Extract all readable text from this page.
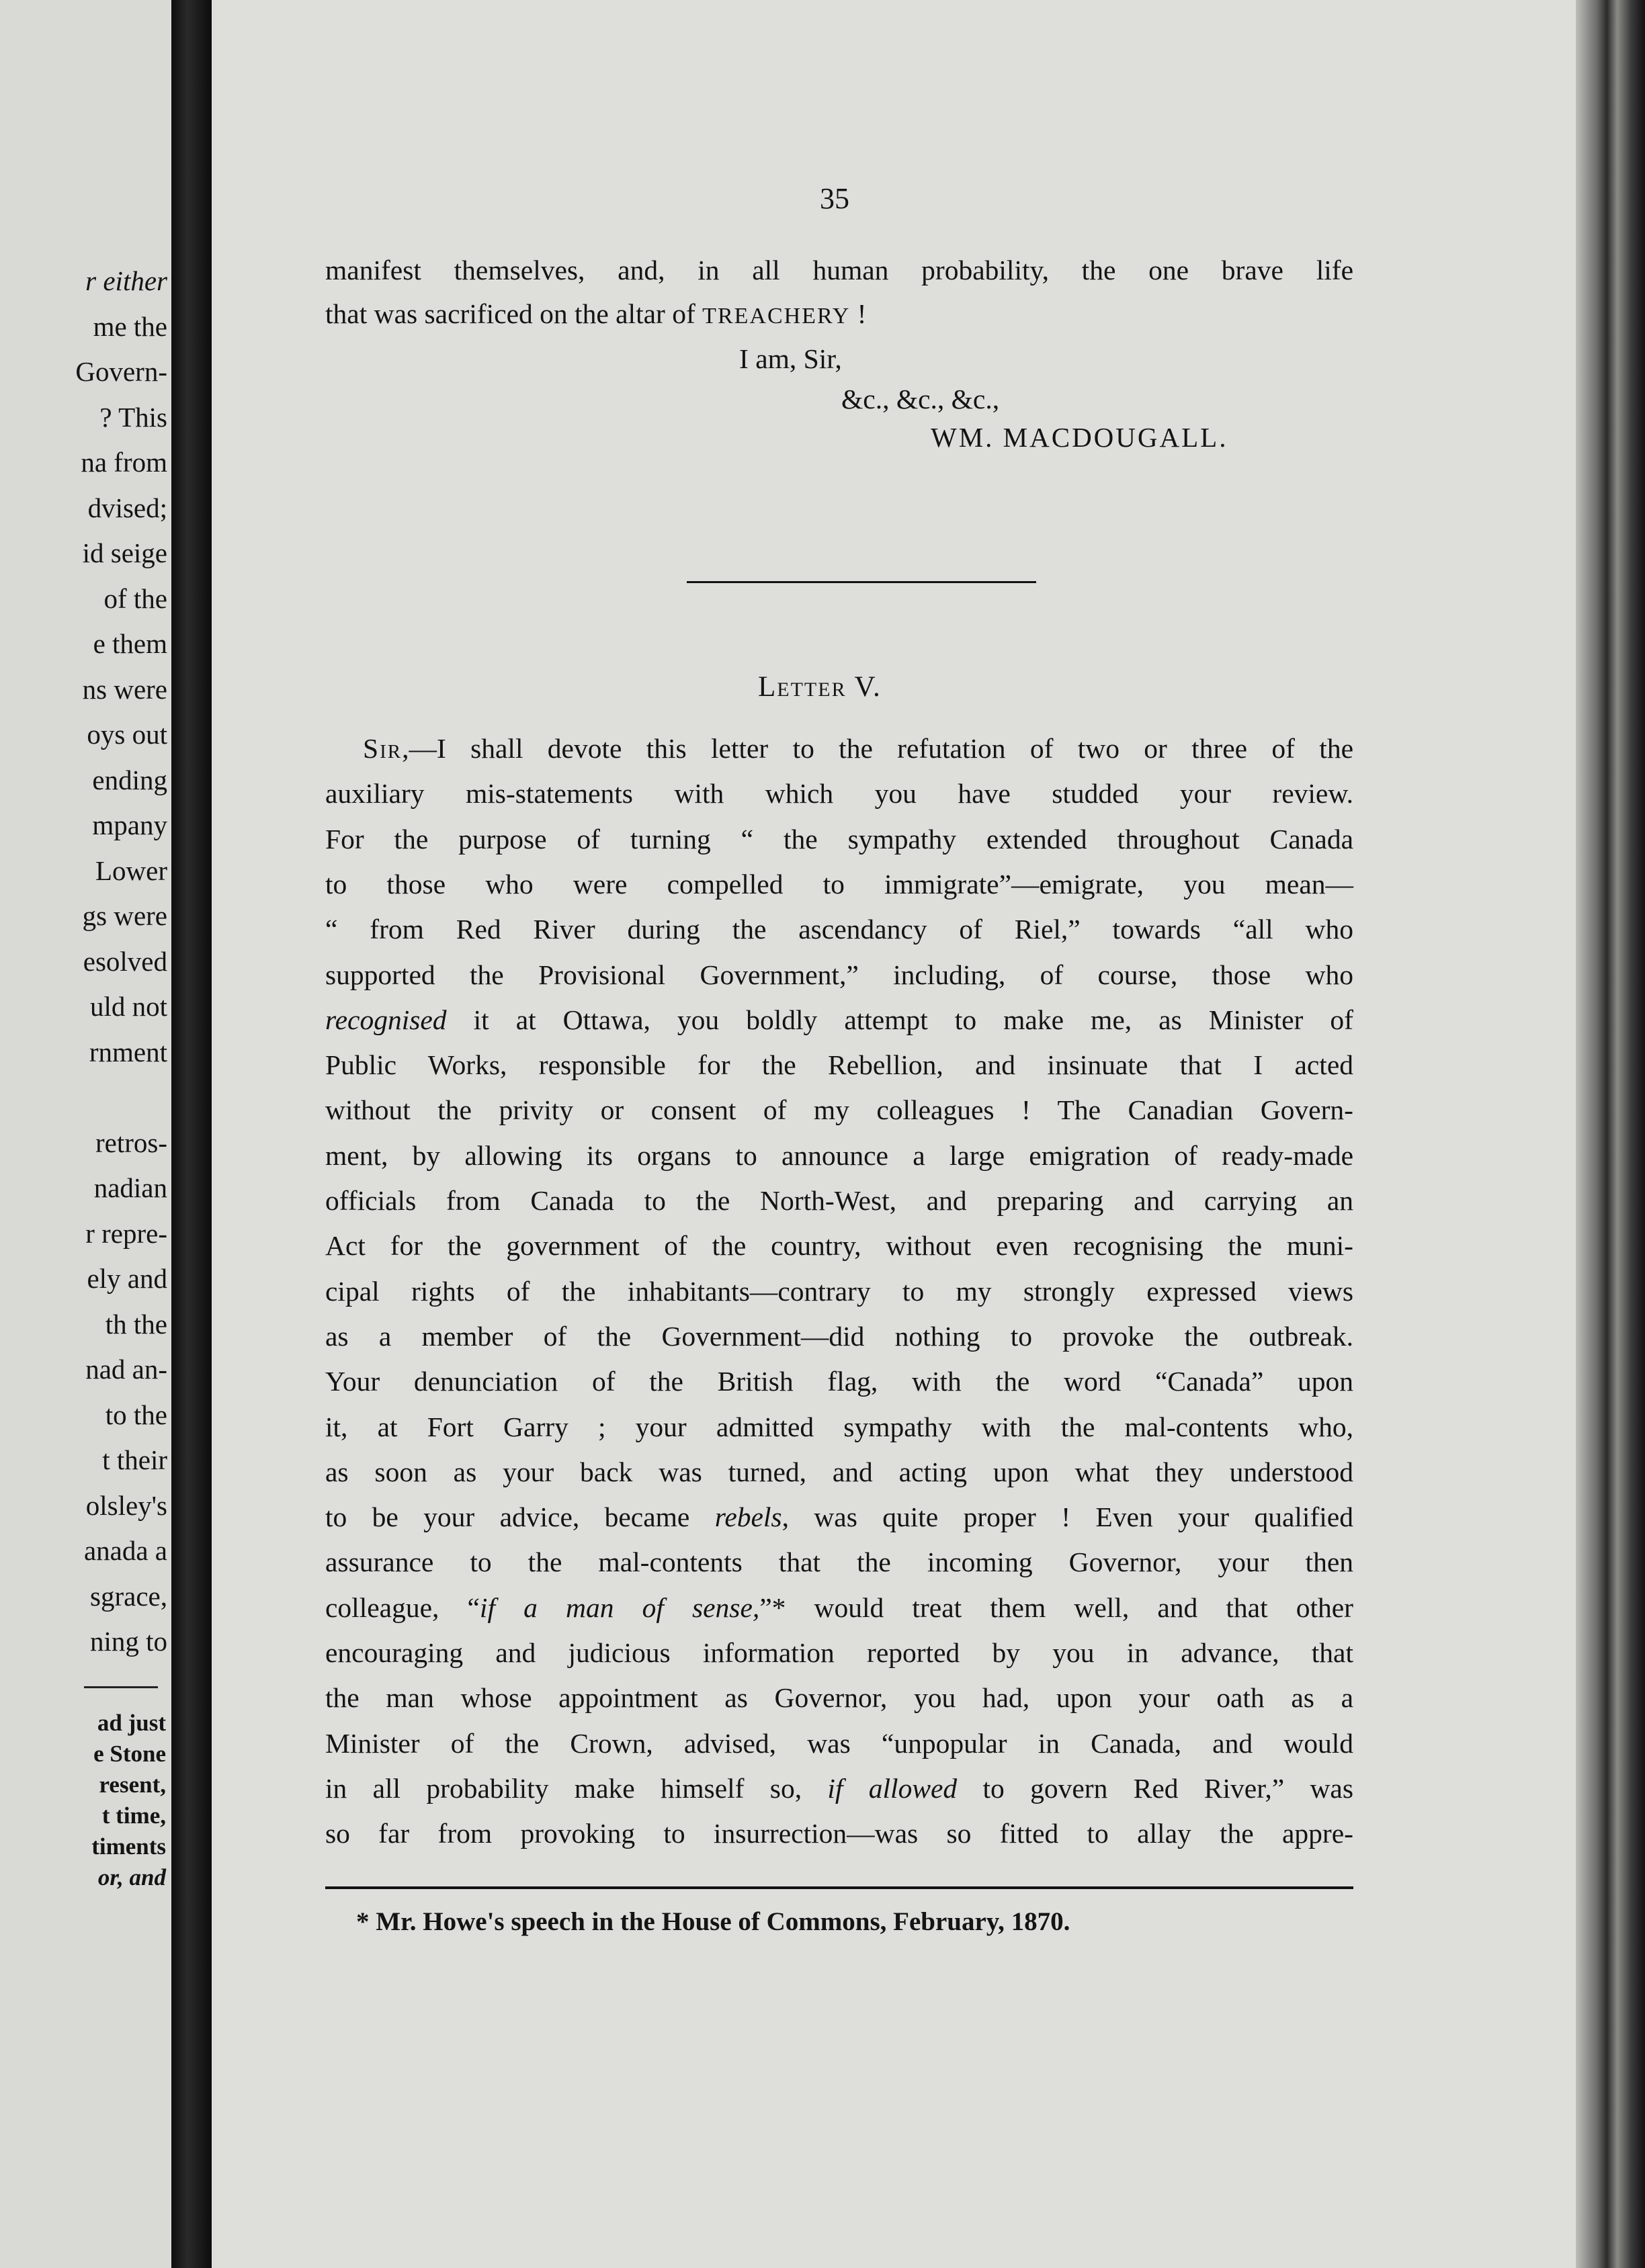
r either
me the
Govern-
? This
na from
dvised;
id seige
of the
e them
ns were
oys out
ending
mpany
Lower
gs were
esolved
uld not
rnment
retros-
nadian
r repre-
ely and
th the
nad an-
to the
t their
olsley's
anada a
sgrace,
ning to
ad just
e Stone
resent,
t time,
timents
or, and
35
manifest themselves, and, in all human probability, the one brave life
that was sacrificed on the altar of TREACHERY !
I am, Sir,
&c., &c., &c.,
WM. MACDOUGALL.
Letter V.
Sir,—I shall devote this letter to the refutation of two or three of the
auxiliary mis-statements with which you have studded your review.
For the purpose of turning “ the sympathy extended throughout Canada
to those who were compelled to immigrate”—emigrate, you mean—
“ from Red River during the ascendancy of Riel,” towards “all who
supported the Provisional Government,” including, of course, those who
recognised it at Ottawa, you boldly attempt to make me, as Minister of
Public Works, responsible for the Rebellion, and insinuate that I acted
without the privity or consent of my colleagues ! The Canadian Govern-
ment, by allowing its organs to announce a large emigration of ready-made
officials from Canada to the North-West, and preparing and carrying an
Act for the government of the country, without even recognising the muni-
cipal rights of the inhabitants—contrary to my strongly expressed views
as a member of the Government—did nothing to provoke the outbreak.
Your denunciation of the British flag, with the word “Canada” upon
it, at Fort Garry ; your admitted sympathy with the mal-contents who,
as soon as your back was turned, and acting upon what they understood
to be your advice, became rebels, was quite proper ! Even your qualified
assurance to the mal-contents that the incoming Governor, your then
colleague, “if a man of sense,”* would treat them well, and that other
encouraging and judicious information reported by you in advance, that
the man whose appointment as Governor, you had, upon your oath as a
Minister of the Crown, advised, was “unpopular in Canada, and would
in all probability make himself so, if allowed to govern Red River,” was
so far from provoking to insurrection—was so fitted to allay the appre-
* Mr. Howe's speech in the House of Commons, February, 1870.
